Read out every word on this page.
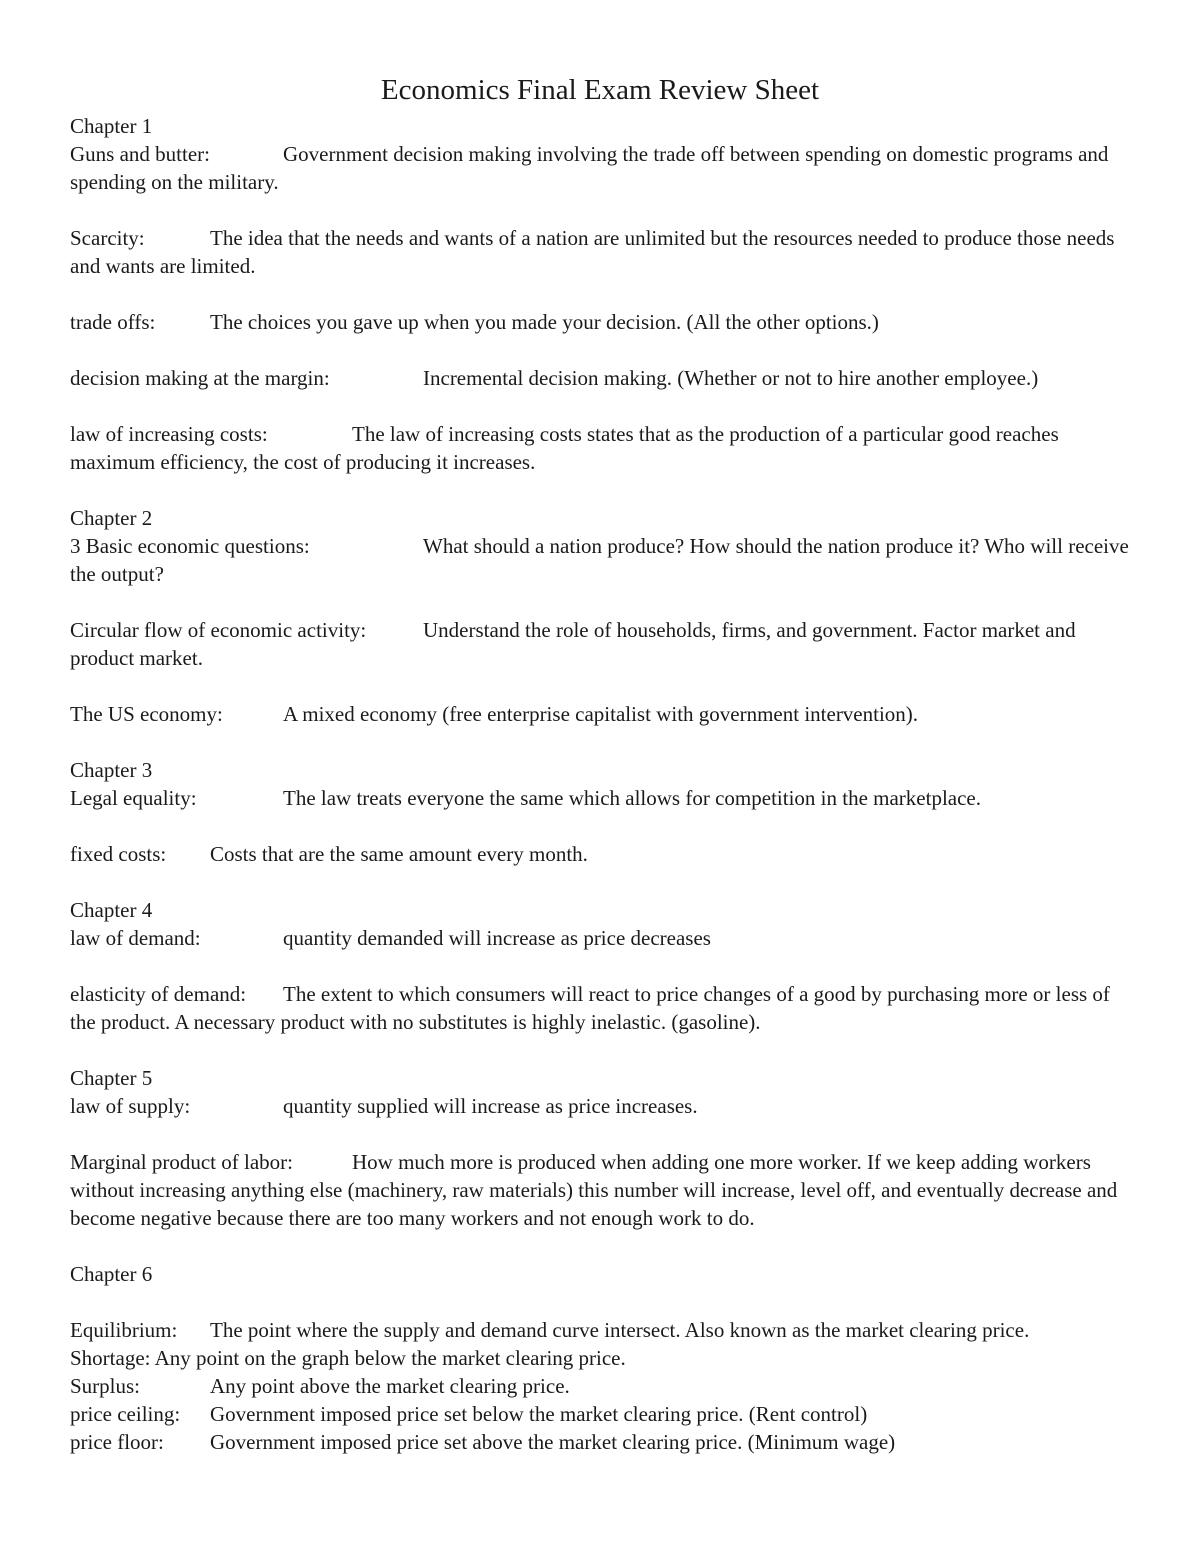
Economics Final Exam Review Sheet
Chapter 1
Guns and butter:	Government decision making involving the trade off between spending on domestic programs and spending on the military.
Scarcity:	The idea that the needs and wants of a nation are unlimited but the resources needed to produce those needs and wants are limited.
trade offs:	The choices you gave up when you made your decision. (All the other options.)
decision making at the margin:	Incremental decision making. (Whether or not to hire another employee.)
law of increasing costs:	The law of increasing costs states that as the production of a particular good reaches maximum efficiency, the cost of producing it increases.
Chapter 2
3 Basic economic questions:	What should a nation produce? How should the nation produce it? Who will receive the output?
Circular flow of economic activity:	Understand the role of households, firms, and government. Factor market and product market.
The US economy:	A mixed economy (free enterprise capitalist with government intervention).
Chapter 3
Legal equality:	The law treats everyone the same which allows for competition in the marketplace.
fixed costs: Costs that are the same amount every month.
Chapter 4
law of demand:	quantity demanded will increase as price decreases
elasticity of demand: The extent to which consumers will react to price changes of a good by purchasing more or less of the product. A necessary product with no substitutes is highly inelastic. (gasoline).
Chapter 5
law of supply:	quantity supplied will increase as price increases.
Marginal product of labor:	How much more is produced when adding one more worker. If we keep adding workers without increasing anything else (machinery, raw materials) this number will increase, level off, and eventually decrease and become negative because there are too many workers and not enough work to do.
Chapter 6
Equilibrium: The point where the supply and demand curve intersect. Also known as the market clearing price.
Shortage: Any point on the graph below the market clearing price.
Surplus:	Any point above the market clearing price.
price ceiling: Government imposed price set below the market clearing price. (Rent control)
price floor: Government imposed price set above the market clearing price. (Minimum wage)
